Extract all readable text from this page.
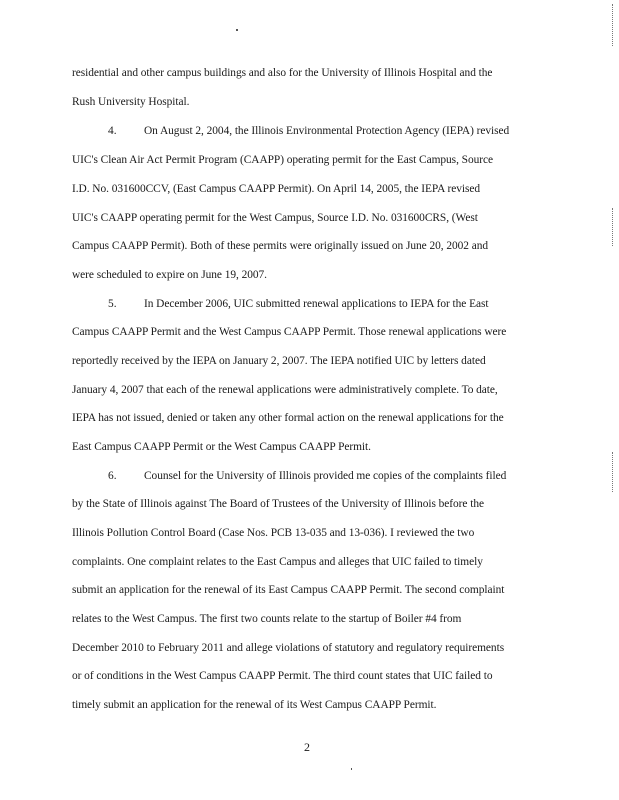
residential and other campus buildings and also for the University of Illinois Hospital and the
Rush University Hospital.
4. On August 2, 2004, the Illinois Environmental Protection Agency (IEPA) revised
UIC's Clean Air Act Permit Program (CAAPP) operating permit for the East Campus, Source
I.D. No. 031600CCV, (East Campus CAAPP Permit). On April 14, 2005, the IEPA revised
UIC's CAAPP operating permit for the West Campus, Source I.D. No. 031600CRS, (West
Campus CAAPP Permit). Both of these permits were originally issued on June 20, 2002 and
were scheduled to expire on June 19, 2007.
5. In December 2006, UIC submitted renewal applications to IEPA for the East
Campus CAAPP Permit and the West Campus CAAPP Permit. Those renewal applications were
reportedly received by the IEPA on January 2, 2007. The IEPA notified UIC by letters dated
January 4, 2007 that each of the renewal applications were administratively complete. To date,
IEPA has not issued, denied or taken any other formal action on the renewal applications for the
East Campus CAAPP Permit or the West Campus CAAPP Permit.
6. Counsel for the University of Illinois provided me copies of the complaints filed
by the State of Illinois against The Board of Trustees of the University of Illinois before the
Illinois Pollution Control Board (Case Nos. PCB 13-035 and 13-036). I reviewed the two
complaints. One complaint relates to the East Campus and alleges that UIC failed to timely
submit an application for the renewal of its East Campus CAAPP Permit. The second complaint
relates to the West Campus. The first two counts relate to the startup of Boiler #4 from
December 2010 to February 2011 and allege violations of statutory and regulatory requirements
or of conditions in the West Campus CAAPP Permit. The third count states that UIC failed to
timely submit an application for the renewal of its West Campus CAAPP Permit.
2
